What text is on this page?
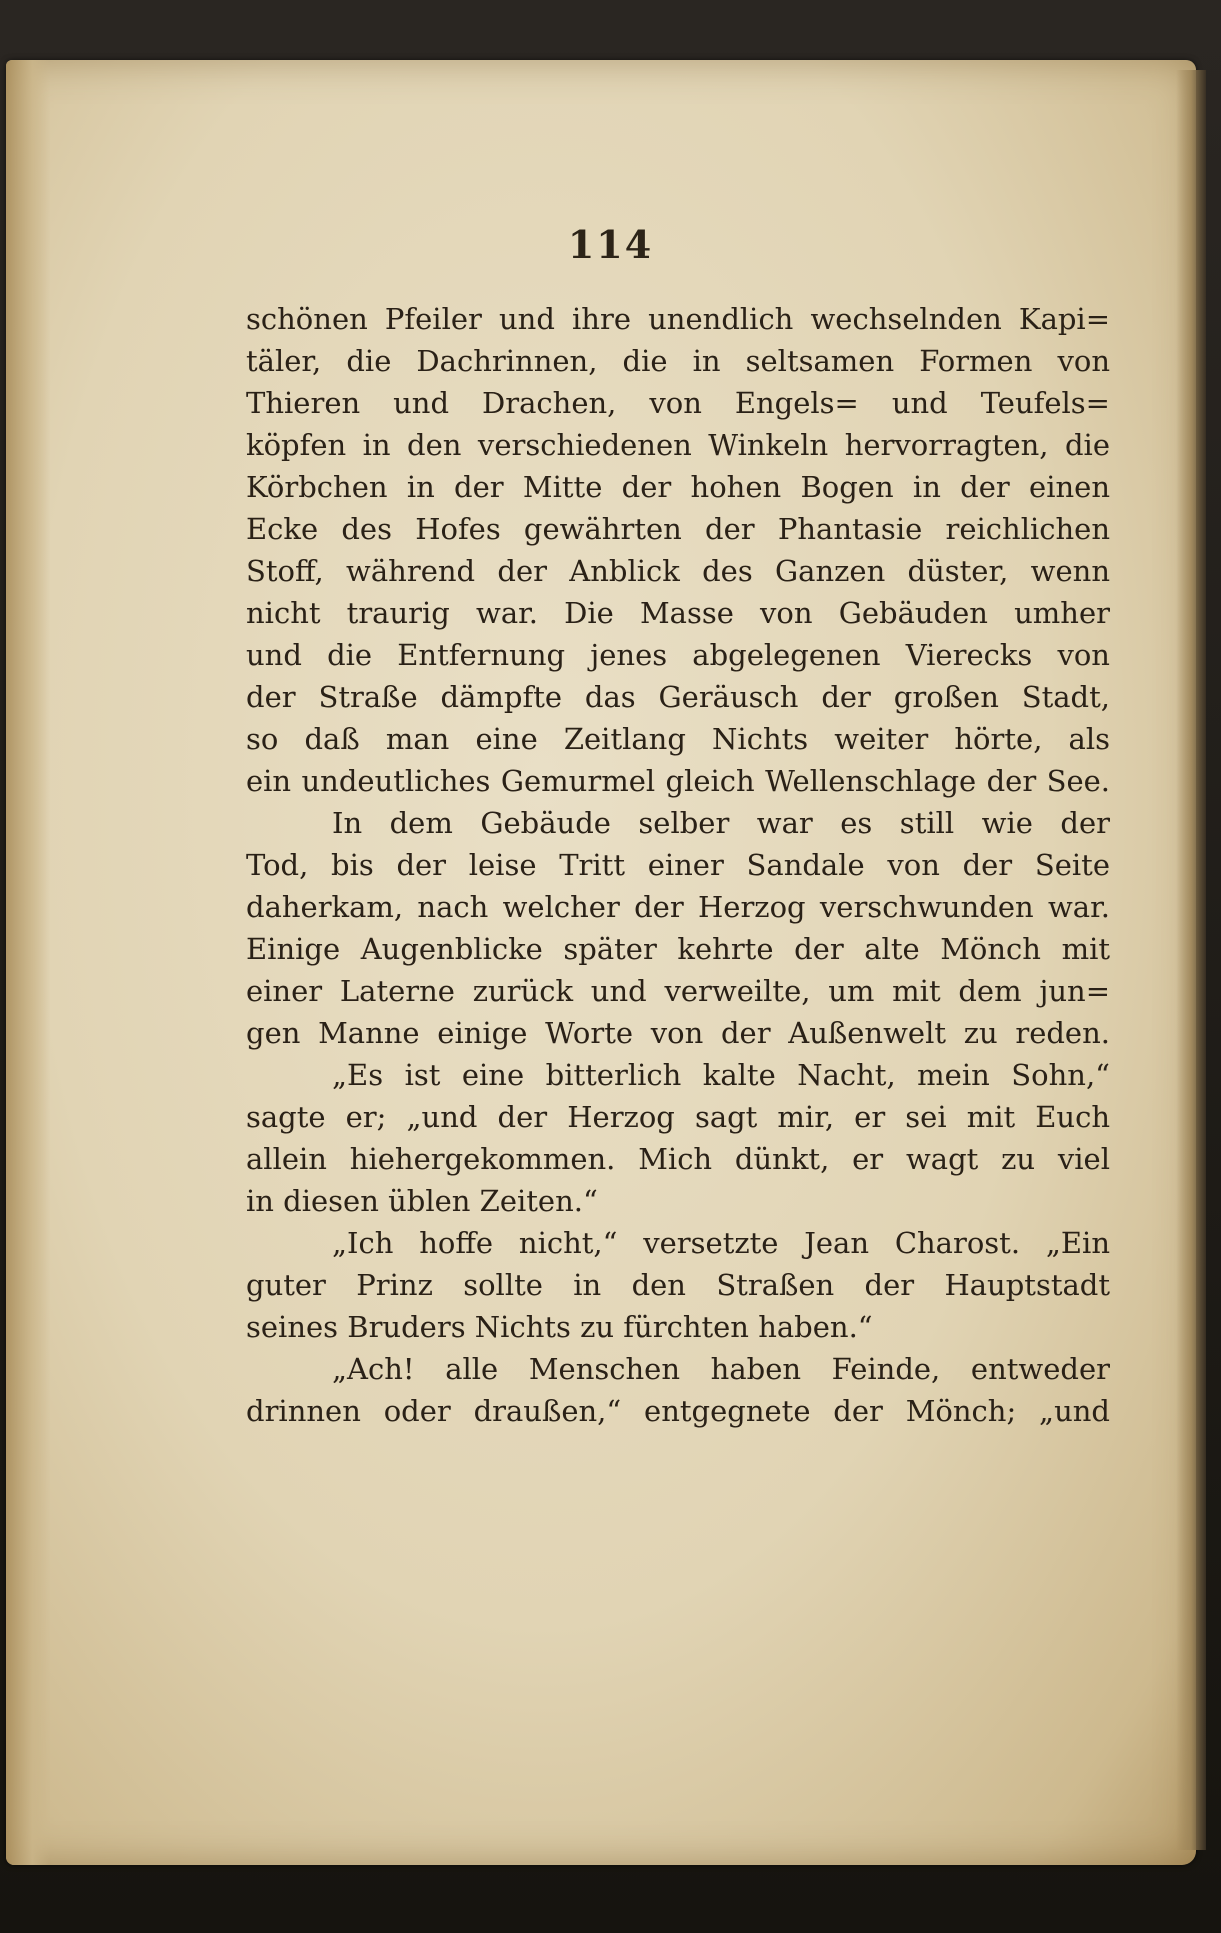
114
schönen Pfeiler und ihre unendlich wechselnden Kapi=
täler, die Dachrinnen, die in seltsamen Formen von
Thieren und Drachen, von Engels= und Teufels=
köpfen in den verschiedenen Winkeln hervorragten, die
Körbchen in der Mitte der hohen Bogen in der einen
Ecke des Hofes gewährten der Phantasie reichlichen
Stoff, während der Anblick des Ganzen düster, wenn
nicht traurig war. Die Masse von Gebäuden umher
und die Entfernung jenes abgelegenen Vierecks von
der Straße dämpfte das Geräusch der großen Stadt,
so daß man eine Zeitlang Nichts weiter hörte, als
ein undeutliches Gemurmel gleich Wellenschlage der See.
In dem Gebäude selber war es still wie der
Tod, bis der leise Tritt einer Sandale von der Seite
daherkam, nach welcher der Herzog verschwunden war.
Einige Augenblicke später kehrte der alte Mönch mit
einer Laterne zurück und verweilte, um mit dem jun=
gen Manne einige Worte von der Außenwelt zu reden.
„Es ist eine bitterlich kalte Nacht, mein Sohn,“
sagte er; „und der Herzog sagt mir, er sei mit Euch
allein hiehergekommen. Mich dünkt, er wagt zu viel
in diesen üblen Zeiten.“
„Ich hoffe nicht,“ versetzte Jean Charost. „Ein
guter Prinz sollte in den Straßen der Hauptstadt
seines Bruders Nichts zu fürchten haben.“
„Ach! alle Menschen haben Feinde, entweder
drinnen oder draußen,“ entgegnete der Mönch; „und
